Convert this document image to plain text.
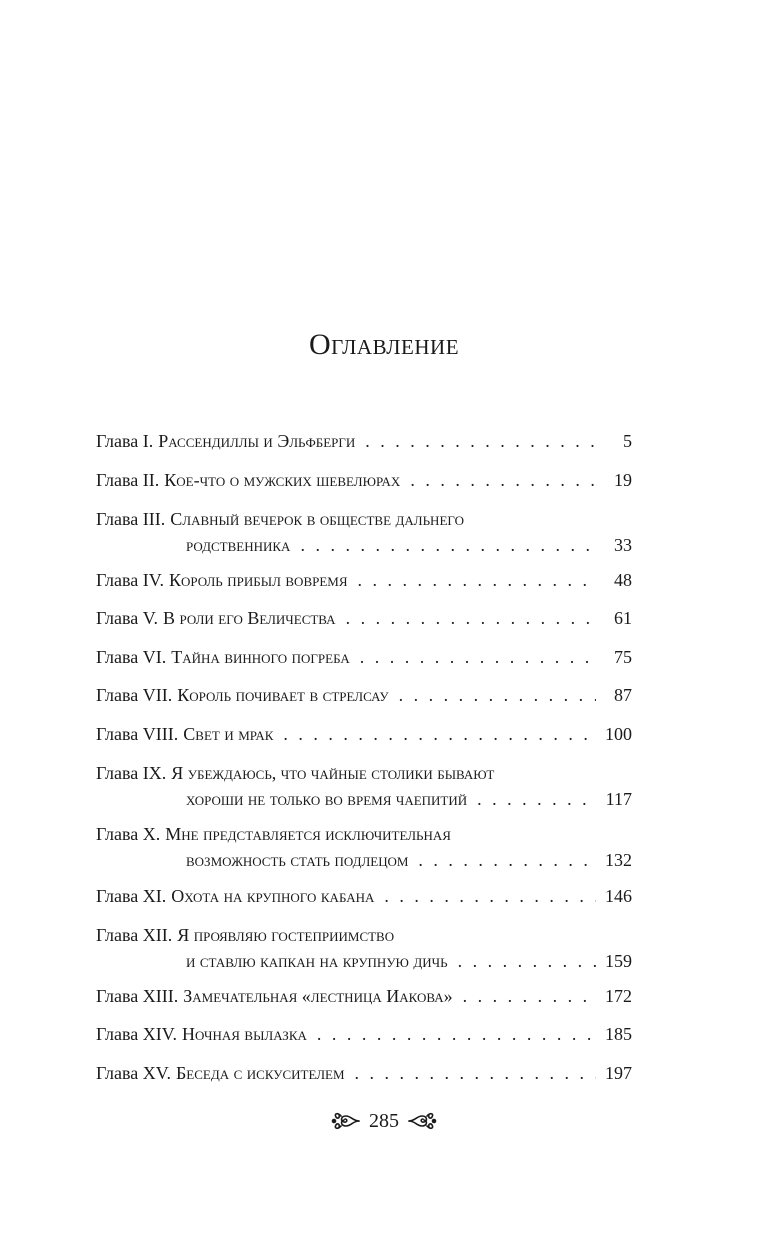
Оглавление
Глава I. Рассендиллы и Эльфберги . . .	5
Глава II. Кое-что о мужских шевелюрах . . .	19
Глава III. Славный вечерок в обществе дальнего
родственника . . .	33
Глава IV. Король прибыл вовремя . . .	48
Глава V. В роли его Величества . . .	61
Глава VI. Тайна винного погреба . . .	75
Глава VII. Король почивает в стрелсау . . .	87
Глава VIII. Свет и мрак . . .	100
Глава IX. Я убеждаюсь, что чайные столики бывают
хороши не только во время чаепитий . . .	117
Глава X. Мне представляется исключительная
возможность стать подлецом . . .	132
Глава XI. Охота на крупного кабана . . .	146
Глава XII. Я проявляю гостеприимство
и ставлю капкан на крупную дичь . . .	159
Глава XIII. Замечательная «лестница Иакова» . . .	172
Глава XIV. Ночная вылазка . . .	185
Глава XV. Беседа с искусителем . . .	197
285
